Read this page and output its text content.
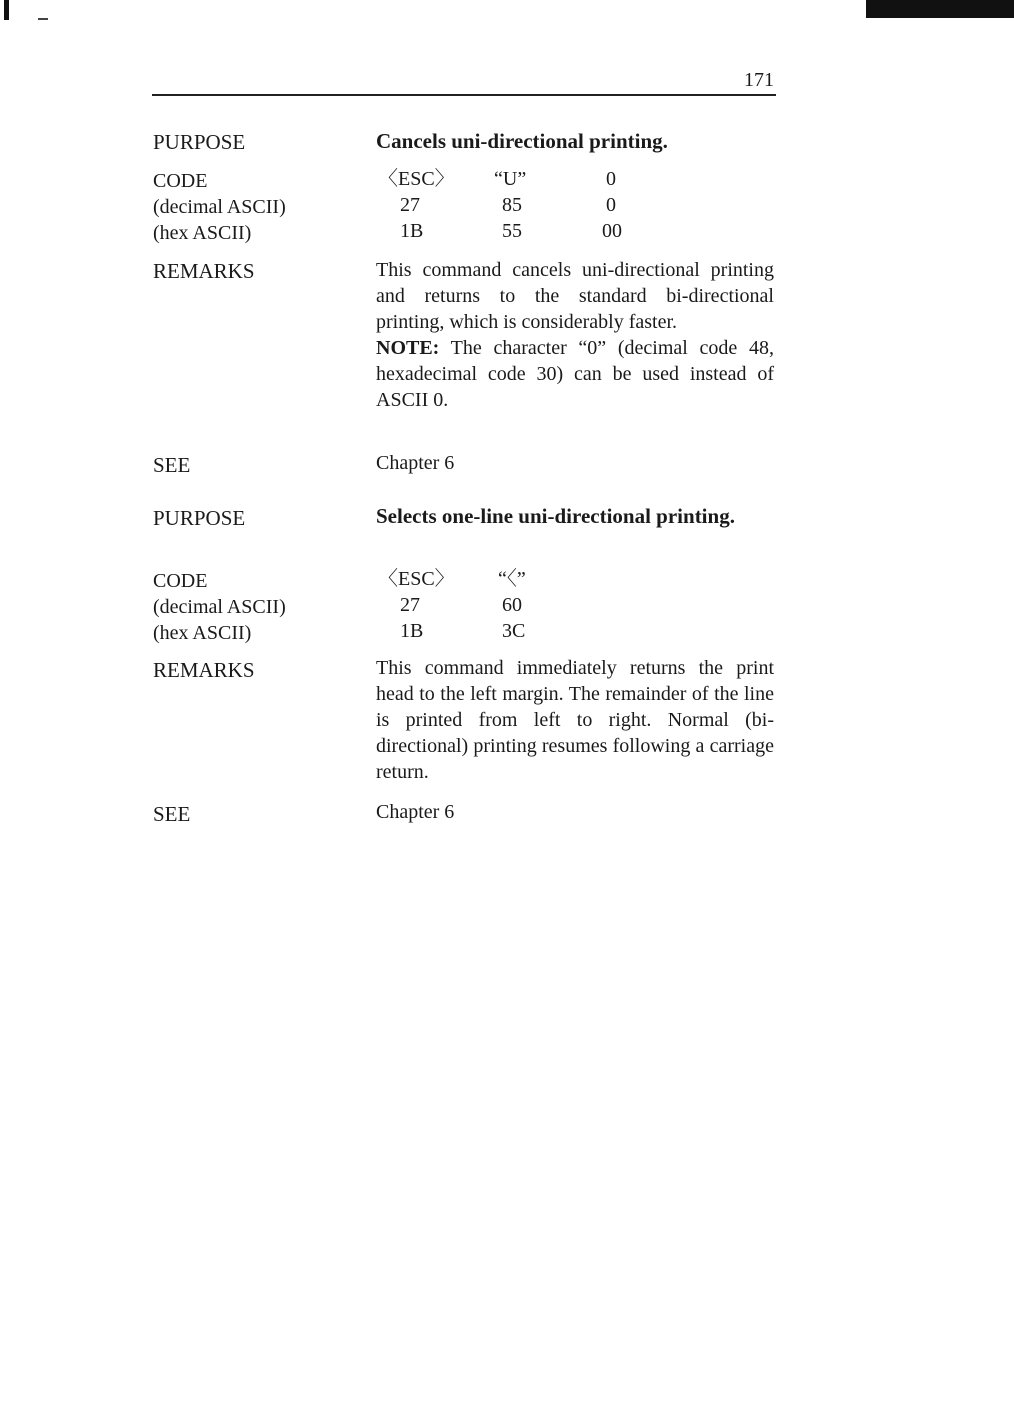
171
PURPOSE	Cancels uni-directional printing.
CODE
(decimal ASCII)
(hex ASCII)
〈ESC〉 “U”	0
27	85	0
1B	55	00
REMARKS	This command cancels uni-directional printing and returns to the standard bi-directional printing, which is considerably faster.

NOTE: The character “0” (decimal code 48, hexadecimal code 30) can be used instead of ASCII 0.

SEE	Chapter 6
PURPOSE	Selects one-line uni-directional printing.
CODE
(decimal ASCII)
(hex ASCII)
〈ESC〉 “〈”
27	60
1B	3C
REMARKS	This command immediately returns the print head to the left margin. The remainder of the line is printed from left to right. Normal (bi-directional) printing resumes following a carriage return.

SEE	Chapter 6
